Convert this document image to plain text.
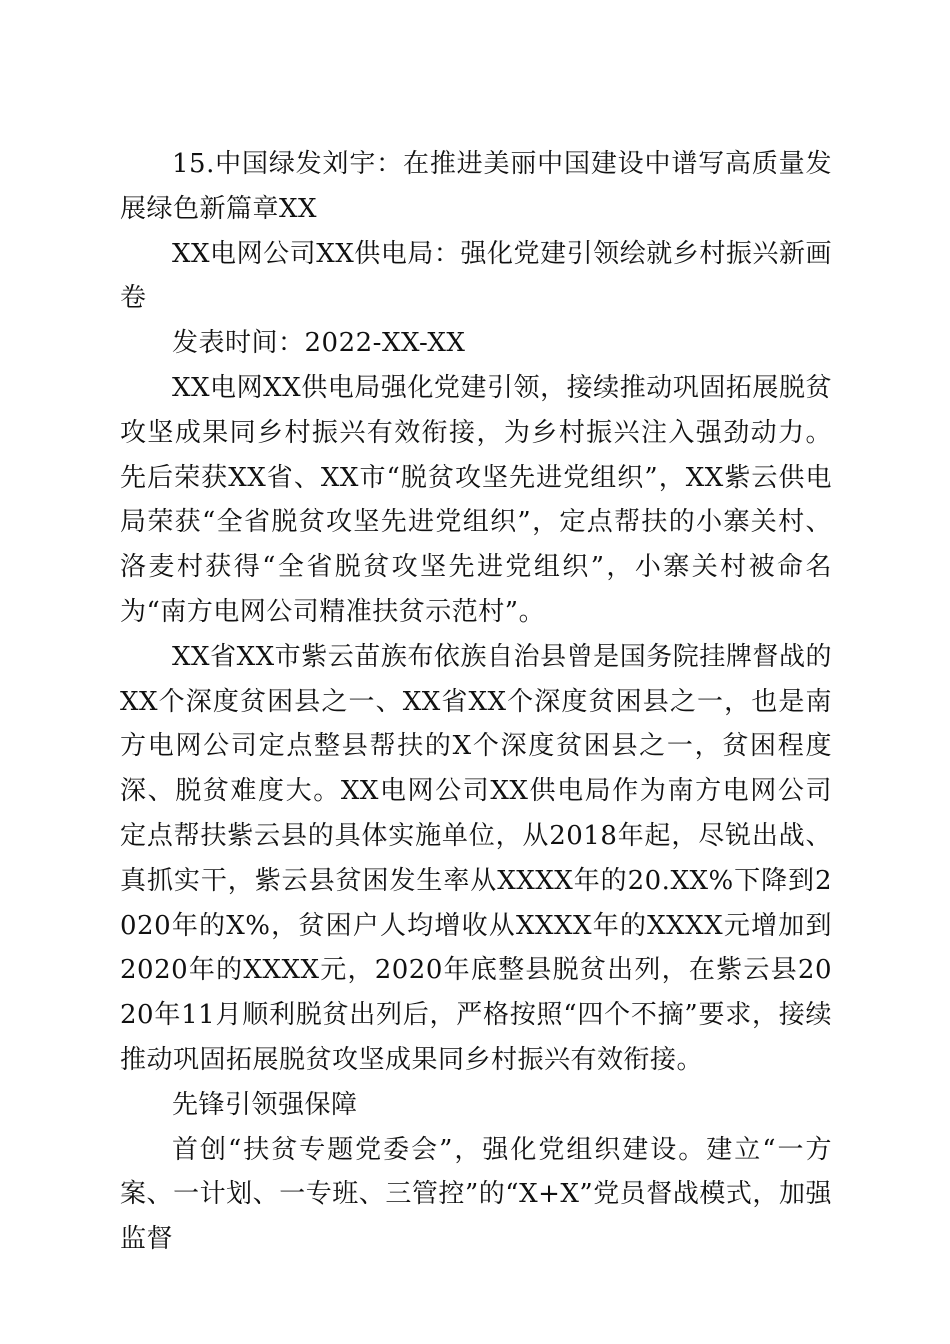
15.中国绿发刘宇：在推进美丽中国建设中谱写高质量发展绿色新篇章XX

XX电网公司XX供电局：强化党建引领绘就乡村振兴新画卷

发表时间：2022-XX-XX

XX电网XX供电局强化党建引领，接续推动巩固拓展脱贫攻坚成果同乡村振兴有效衔接，为乡村振兴注入强劲动力。先后荣获XX省、XX市“脱贫攻坚先进党组织”，XX紫云供电局荣获“全省脱贫攻坚先进党组织”，定点帮扶的小寨关村、洛麦村获得“全省脱贫攻坚先进党组织”，小寨关村被命名为“南方电网公司精准扶贫示范村”。

XX省XX市紫云苗族布依族自治县曾是国务院挂牌督战的XX个深度贫困县之一、XX省XX个深度贫困县之一，也是南方电网公司定点整县帮扶的X个深度贫困县之一，贫困程度深、脱贫难度大。XX电网公司XX供电局作为南方电网公司定点帮扶紫云县的具体实施单位，从2018年起，尽锐出战、真抓实干，紫云县贫困发生率从XXXX年的20.XX%下降到2020年的X%，贫困户人均增收从XXXX年的XXXX元增加到2020年的XXXX元，2020年底整县脱贫出列，在紫云县2020年11月顺利脱贫出列后，严格按照“四个不摘”要求，接续推动巩固拓展脱贫攻坚成果同乡村振兴有效衔接。

先锋引领强保障

首创“扶贫专题党委会”，强化党组织建设。建立“一方案、一计划、一专班、三管控”的“X+X”党员督战模式，加强监督
